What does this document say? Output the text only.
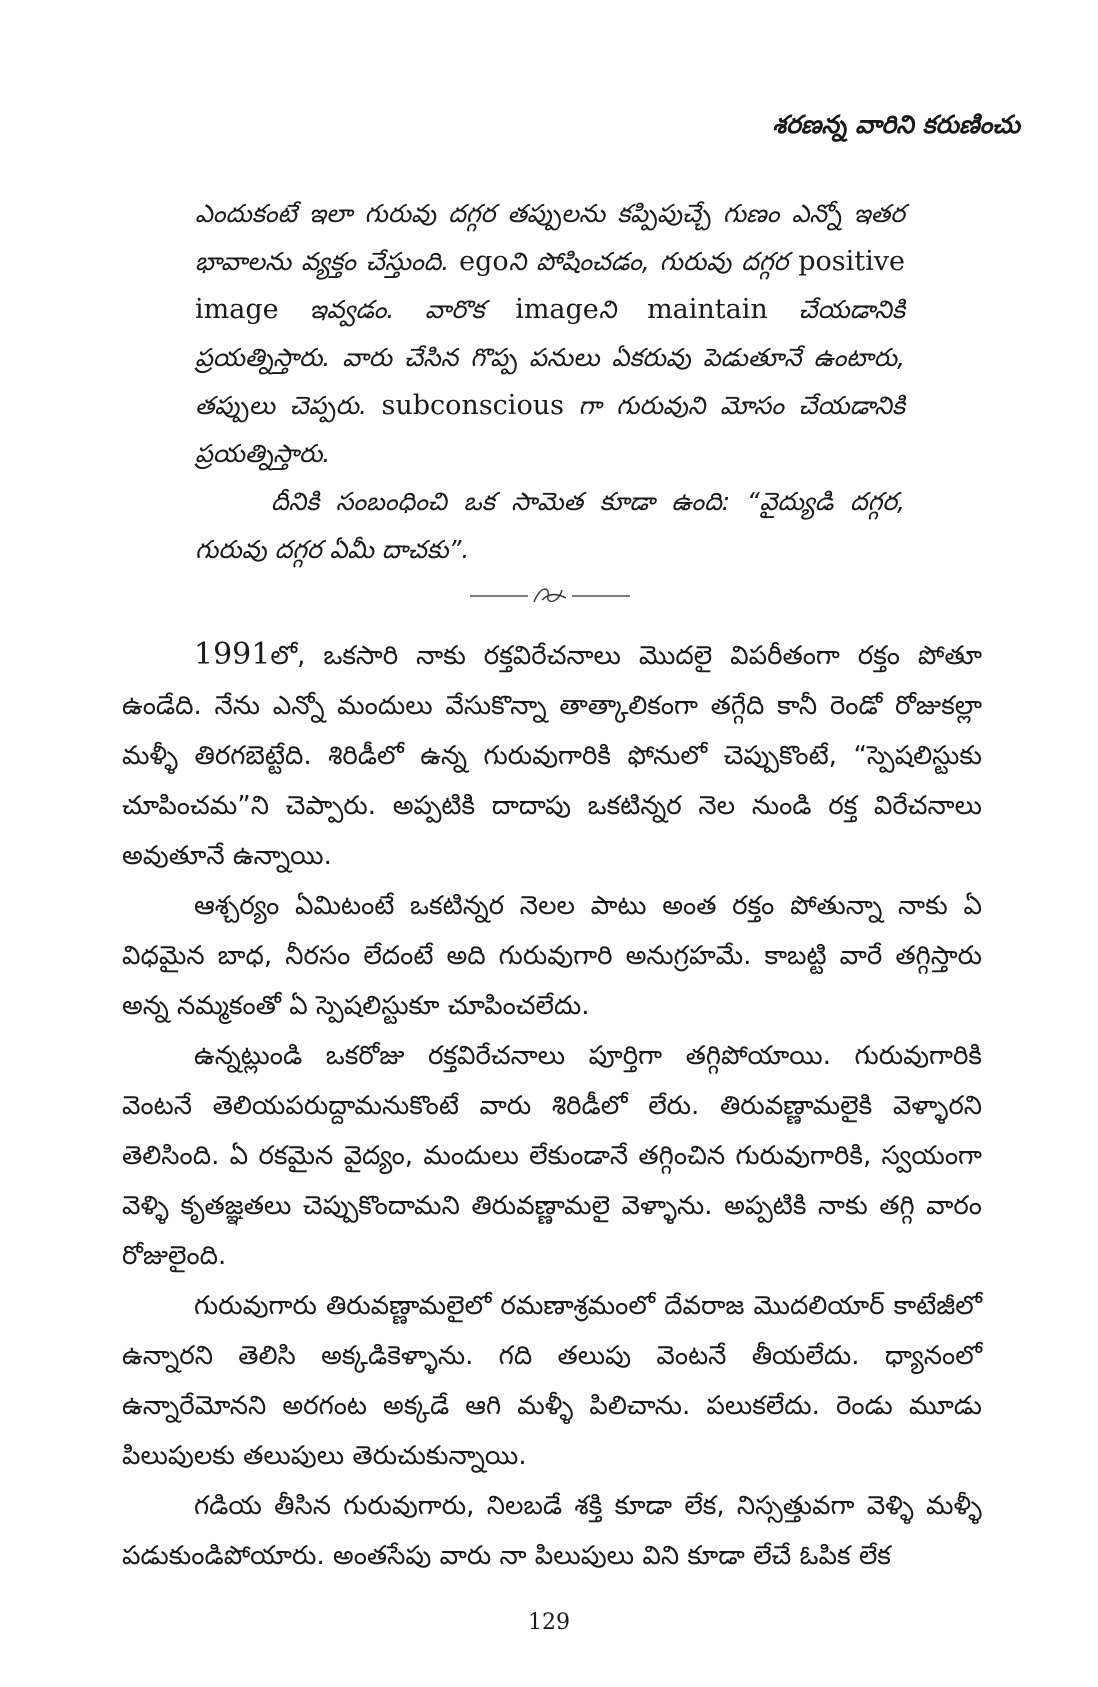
శరణన్న వారిని కరుణించు

ఎందుకంటే ఇలా గురువు దగ్గర తప్పులను కప్పిపుచ్చే గుణం ఎన్నో ఇతర భావాలను వ్యక్తం చేస్తుంది. egoని పోషించడం, గురువు దగ్గర positive image ఇవ్వడం. వారొక imageని maintain చేయడానికి ప్రయత్నిస్తారు. వారు చేసిన గొప్ప పనులు ఏకరువు పెడుతూనే ఉంటారు, తప్పులు చెప్పరు. subconscious గా గురువుని మోసం చేయడానికి ప్రయత్నిస్తారు.

దీనికి సంబంధించి ఒక సామెత కూడా ఉంది: “వైద్యుడి దగ్గర, గురువు దగ్గర ఏమీ దాచకు”.

1991లో, ఒకసారి నాకు రక్తవిరేచనాలు మొదలై విపరీతంగా రక్తం పోతూ ఉండేది. నేను ఎన్నో మందులు వేసుకొన్నా తాత్కాలికంగా తగ్గేది కానీ రెండో రోజుకల్లా మళ్ళీ తిరగబెట్టేది. శిరిడీలో ఉన్న గురువుగారికి ఫోనులో చెప్పుకొంటే, “స్పెషలిస్టుకు చూపించమ”ని చెప్పారు. అప్పటికి దాదాపు ఒకటిన్నర నెల నుండి రక్త విరేచనాలు అవుతూనే ఉన్నాయి.

ఆశ్చర్యం ఏమిటంటే ఒకటిన్నర నెలల పాటు అంత రక్తం పోతున్నా నాకు ఏ విధమైన బాధ, నీరసం లేదంటే అది గురువుగారి అనుగ్రహమే. కాబట్టి వారే తగ్గిస్తారు అన్న నమ్మకంతో ఏ స్పెషలిస్టుకూ చూపించలేదు.

ఉన్నట్లుండి ఒకరోజు రక్తవిరేచనాలు పూర్తిగా తగ్గిపోయాయి. గురువుగారికి వెంటనే తెలియపరుద్దామనుకొంటే వారు శిరిడీలో లేరు. తిరువణ్ణామలైకి వెళ్ళారని తెలిసింది. ఏ రకమైన వైద్యం, మందులు లేకుండానే తగ్గించిన గురువుగారికి, స్వయంగా వెళ్ళి కృతజ్ఞతలు చెప్పుకొందామని తిరువణ్ణామలై వెళ్ళాను. అప్పటికి నాకు తగ్గి వారం రోజులైంది.

గురువుగారు తిరువణ్ణామలైలో రమణాశ్రమంలో దేవరాజ మొదలియార్ కాటేజీలో ఉన్నారని తెలిసి అక్కడికెళ్ళాను. గది తలుపు వెంటనే తీయలేదు. ధ్యానంలో ఉన్నారేమోనని అరగంట అక్కడే ఆగి మళ్ళీ పిలిచాను. పలుకలేదు. రెండు మూడు పిలుపులకు తలుపులు తెరుచుకున్నాయి.

గడియ తీసిన గురువుగారు, నిలబడే శక్తి కూడా లేక, నిస్సత్తువగా వెళ్ళి మళ్ళీ పడుకుండిపోయారు. అంతసేపు వారు నా పిలుపులు విని కూడా లేచే ఓపిక లేక

129
